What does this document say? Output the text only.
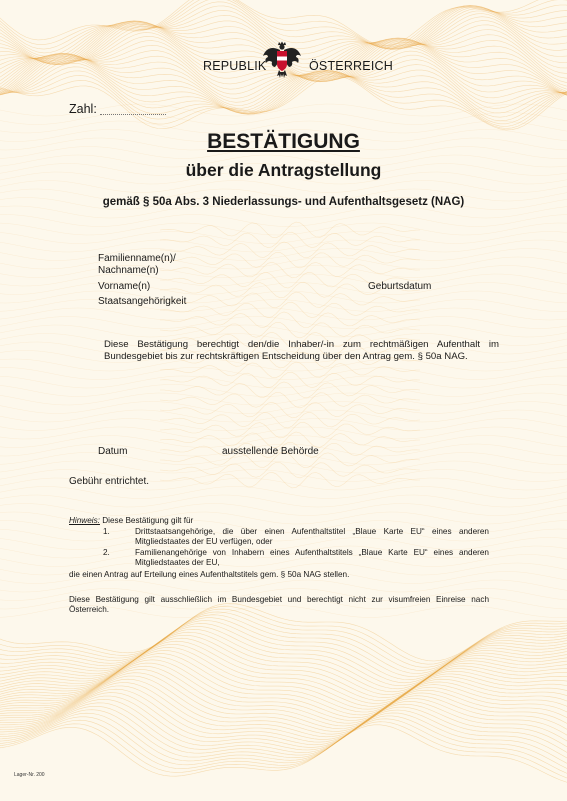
REPUBLIK	ÖSTERREICH
Zahl:
BESTÄTIGUNG
über die Antragstellung
gemäß § 50a Abs. 3 Niederlassungs- und Aufenthaltsgesetz (NAG)
Familienname(n)/
Nachname(n)
Vorname(n)	Geburtsdatum
Staatsangehörigkeit
Diese Bestätigung berechtigt den/die Inhaber/-in zum rechtmäßigen Aufenthalt im
Bundesgebiet bis zur rechtskräftigen Entscheidung über den Antrag gem. § 50a NAG.
Datum	ausstellende Behörde
Gebühr entrichtet.
Hinweis: Diese Bestätigung gilt für
1.	Drittstaatsangehörige, die über einen Aufenthaltstitel „Blaue Karte EU“ eines anderen
Mitgliedstaates der EU verfügen, oder
2.	Familienangehörige von Inhabern eines Aufenthaltstitels „Blaue Karte EU“ eines anderen
Mitgliedstaates der EU,
die einen Antrag auf Erteilung eines Aufenthaltstitels gem. § 50a NAG stellen.
Diese Bestätigung gilt ausschließlich im Bundesgebiet und berechtigt nicht zur visumfreien Einreise nach
Österreich.
Lager-Nr. 200
